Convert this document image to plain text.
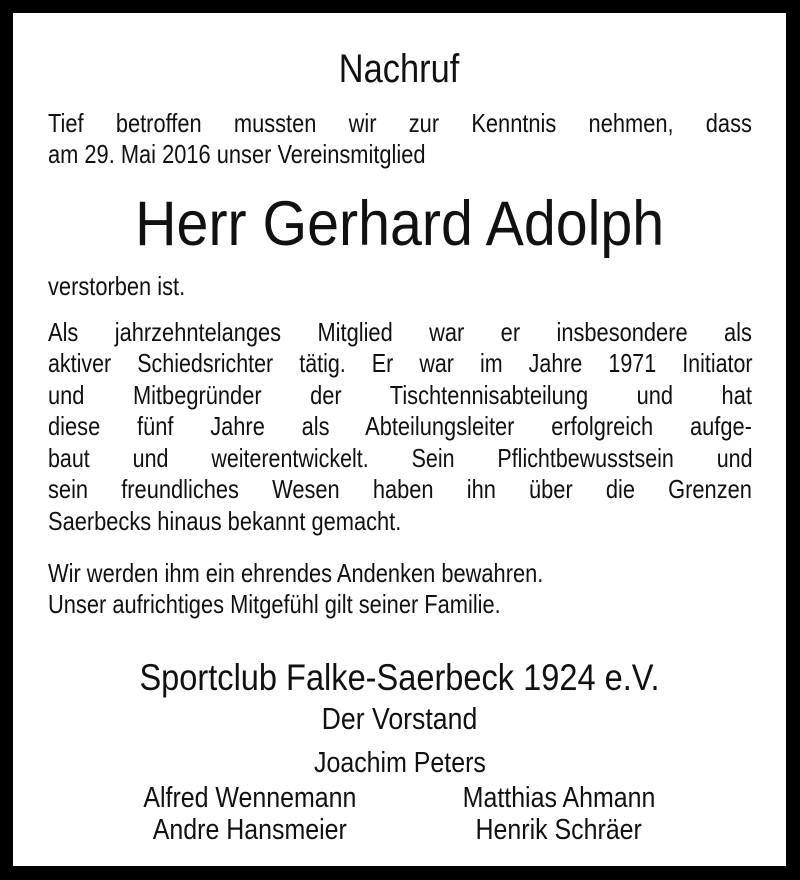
Nachruf
Tief betroffen mussten wir zur Kenntnis nehmen, dass
am 29. Mai 2016 unser Vereinsmitglied
Herr Gerhard Adolph
verstorben ist.
Als jahrzehntelanges Mitglied war er insbesondere als
aktiver Schiedsrichter tätig. Er war im Jahre 1971 Initiator
und Mitbegründer der Tischtennisabteilung und hat
diese fünf Jahre als Abteilungsleiter erfolgreich aufge-
baut und weiterentwickelt. Sein Pflichtbewusstsein und
sein freundliches Wesen haben ihn über die Grenzen
Saerbecks hinaus bekannt gemacht.
Wir werden ihm ein ehrendes Andenken bewahren.
Unser aufrichtiges Mitgefühl gilt seiner Familie.
Sportclub Falke-Saerbeck 1924 e.V.
Der Vorstand
Joachim Peters
Alfred Wennemann	Matthias Ahmann
Andre Hansmeier	Henrik Schräer
